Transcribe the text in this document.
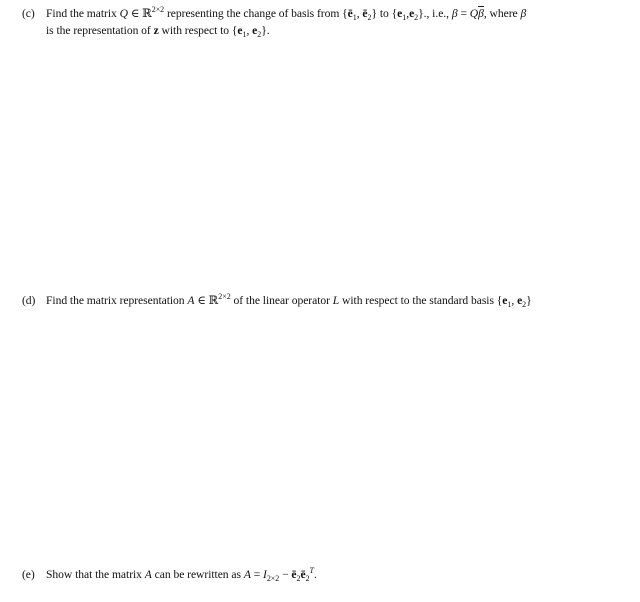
(c) Find the matrix Q ∈ ℝ$^{2\times 2}$ representing the change of basis from {$ē_1$, $ē_2$} to $\{e_1,e_2\}$., i.e., $\beta = Q\overline{\beta}$, where β
is the representation of z with respect to {$e_1$, $e_2$}.
(d) Find the matrix representation A ∈ ℝ$^{2\times 2}$ of the linear operator L with respect to the standard basis {$e_1$, $e_2$}
(e) Show that the matrix A can be rewritten as $A = I_{2\times 2}$ − $ē_2ē_2^T$.
